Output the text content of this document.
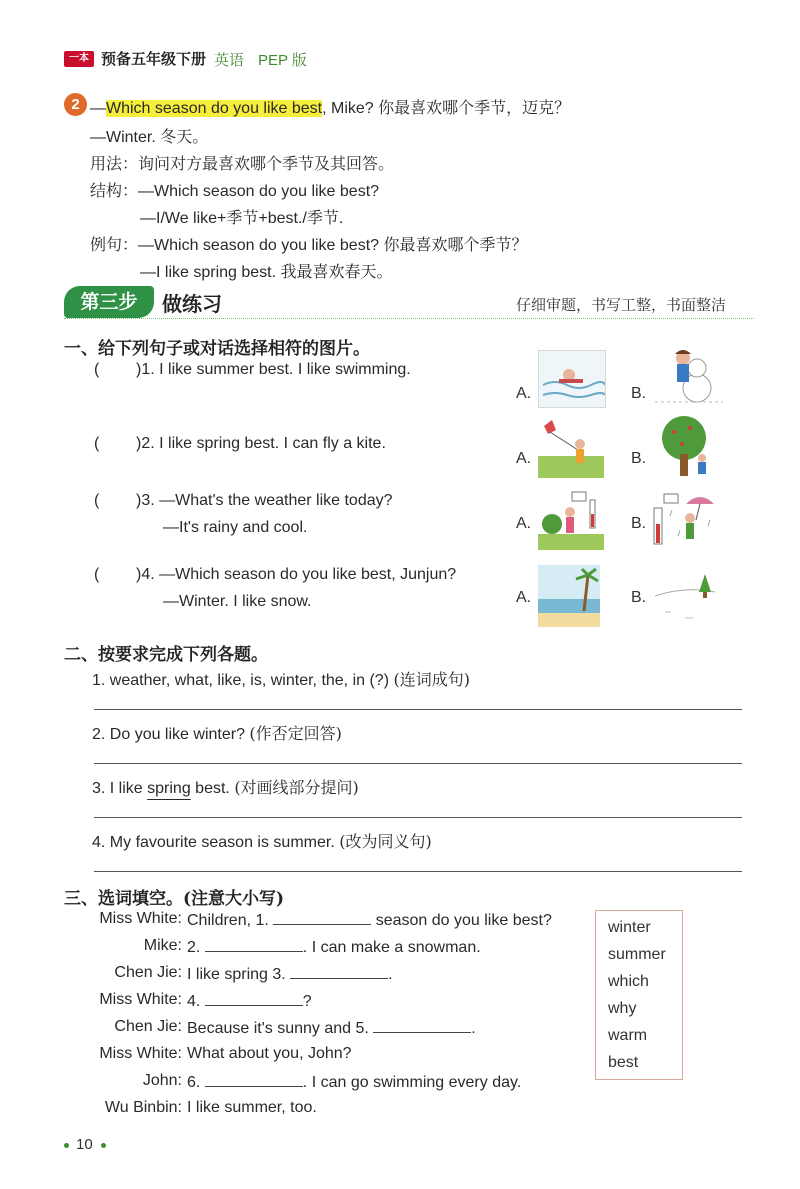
一本 预备五年级下册 英语 PEP 版
2 —Which season do you like best, Mike? 你最喜欢哪个季节，迈克？
—Winter. 冬天。
用法：询问对方最喜欢哪个季节及其回答。
结构：—Which season do you like best?
—I/We like+季节+best./季节.
例句：—Which season do you like best? 你最喜欢哪个季节？
—I like spring best. 我最喜欢春天。
第三步	做练习	仔细审题，书写工整，书面整洁
一、给下列句子或对话选择相符的图片。
( )1. I like summer best. I like swimming.
A.	B.
( )2. I like spring best. I can fly a kite.
A.	B.
( )3. —What's the weather like today?
—It's rainy and cool.	A.	B.
( )4. —Which season do you like best, Junjun?
—Winter. I like snow.	A.	B.
二、按要求完成下列各题。
1. weather, what, like, is, winter, the, in (?) (连词成句)
2. Do you like winter? (作否定回答)
3. I like spring best. (对画线部分提问)
4. My favourite season is summer. (改为同义句)
三、选词填空。(注意大小写)
Miss White: Children, 1.	season do you like best?
Mike: 2.	. I can make a snowman.
Chen Jie: I like spring 3.	.
Miss White: 4.	?
Chen Jie: Because it's sunny and 5.	.
Miss White: What about you, John?
John: 6.	. I can go swimming every day.
Wu Binbin: I like summer, too.
winter
summer
which
why
warm
best
10
